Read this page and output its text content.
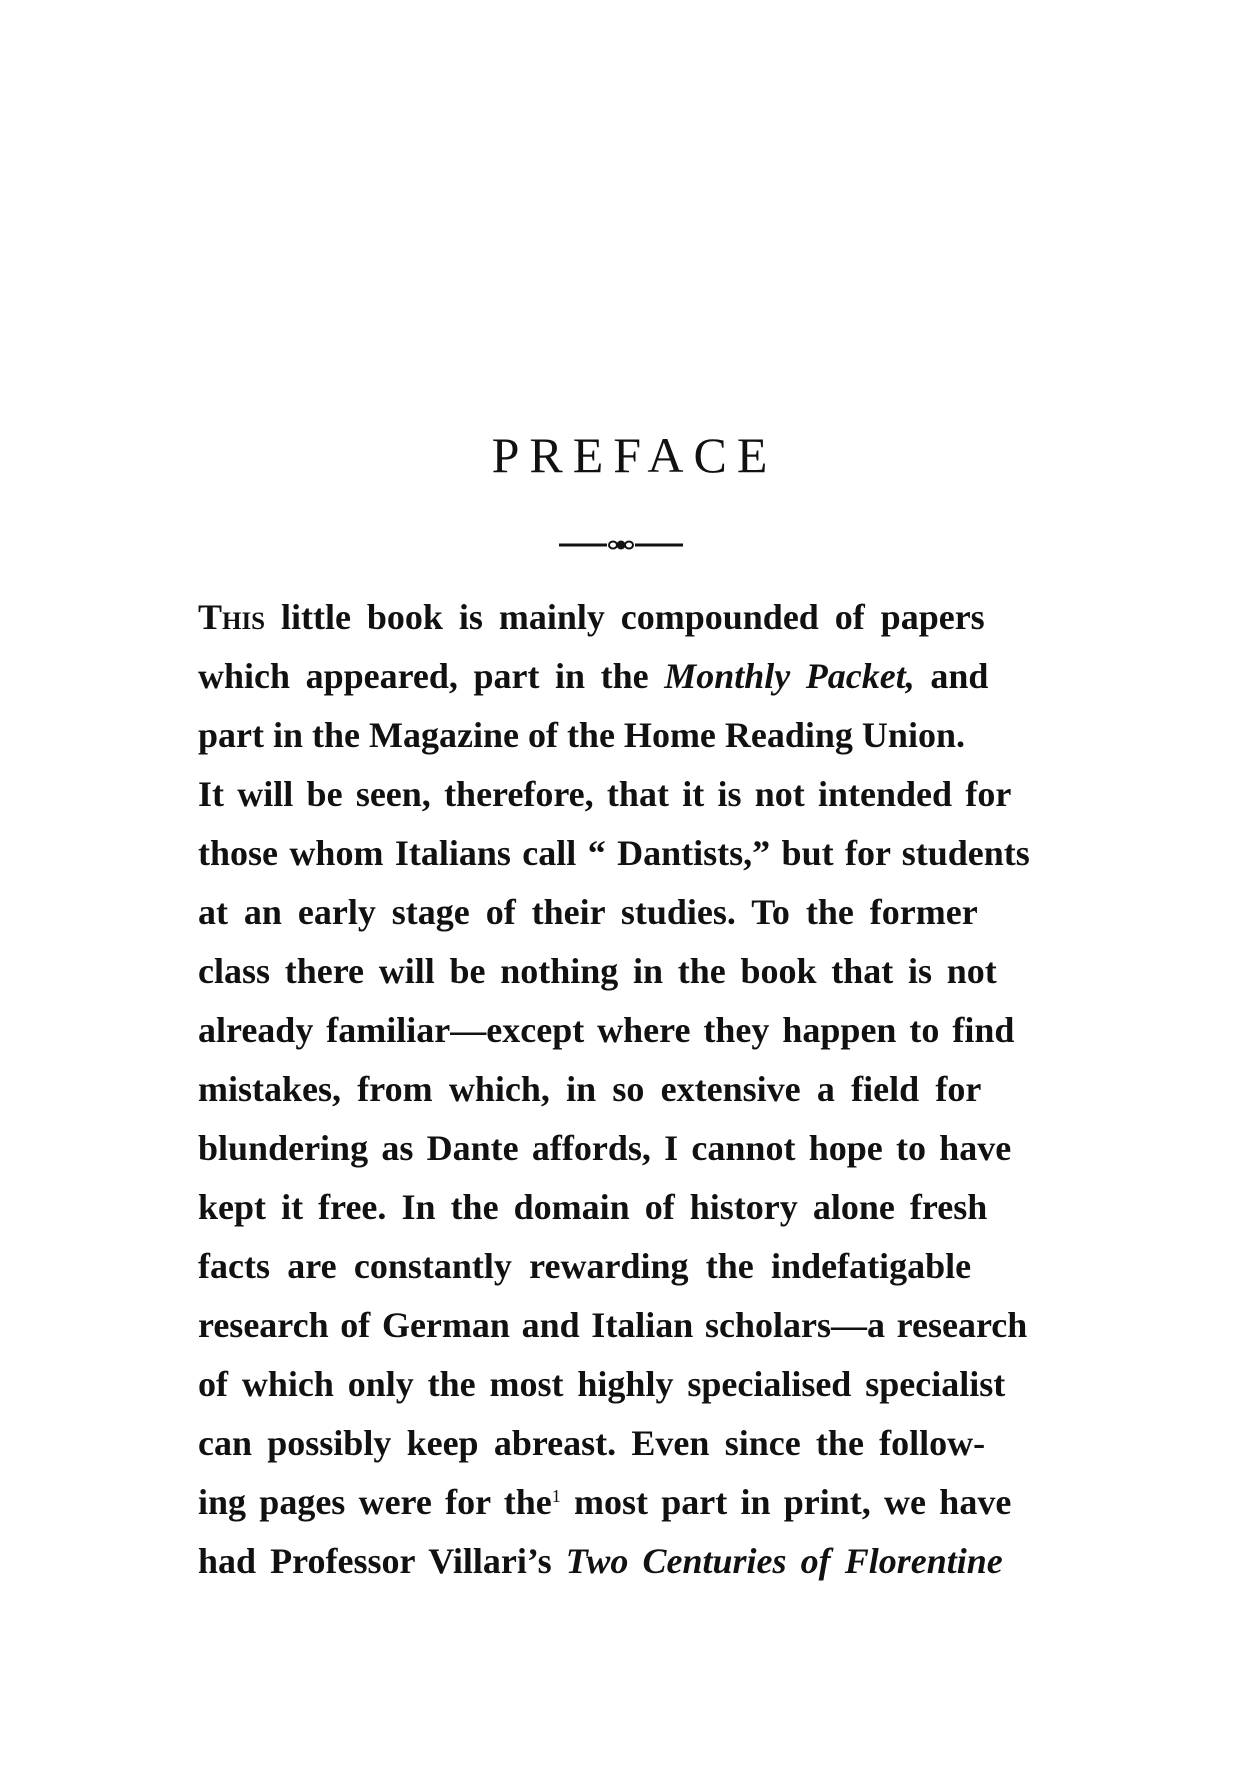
PREFACE
This little book is mainly compounded of papers
which appeared, part in the Monthly Packet, and
part in the Magazine of the Home Reading Union.
It will be seen, therefore, that it is not intended for
those whom Italians call “ Dantists,” but for students
at an early stage of their studies. To the former
class there will be nothing in the book that is not
already familiar—except where they happen to find
mistakes, from which, in so extensive a field for
blundering as Dante affords, I cannot hope to have
kept it free. In the domain of history alone fresh
facts are constantly rewarding the indefatigable
research of German and Italian scholars—a research
of which only the most highly specialised specialist
can possibly keep abreast. Even since the follow-
ing pages were for the$^1$ most part in print, we have
had Professor Villari’s Two Centuries of Florentine
